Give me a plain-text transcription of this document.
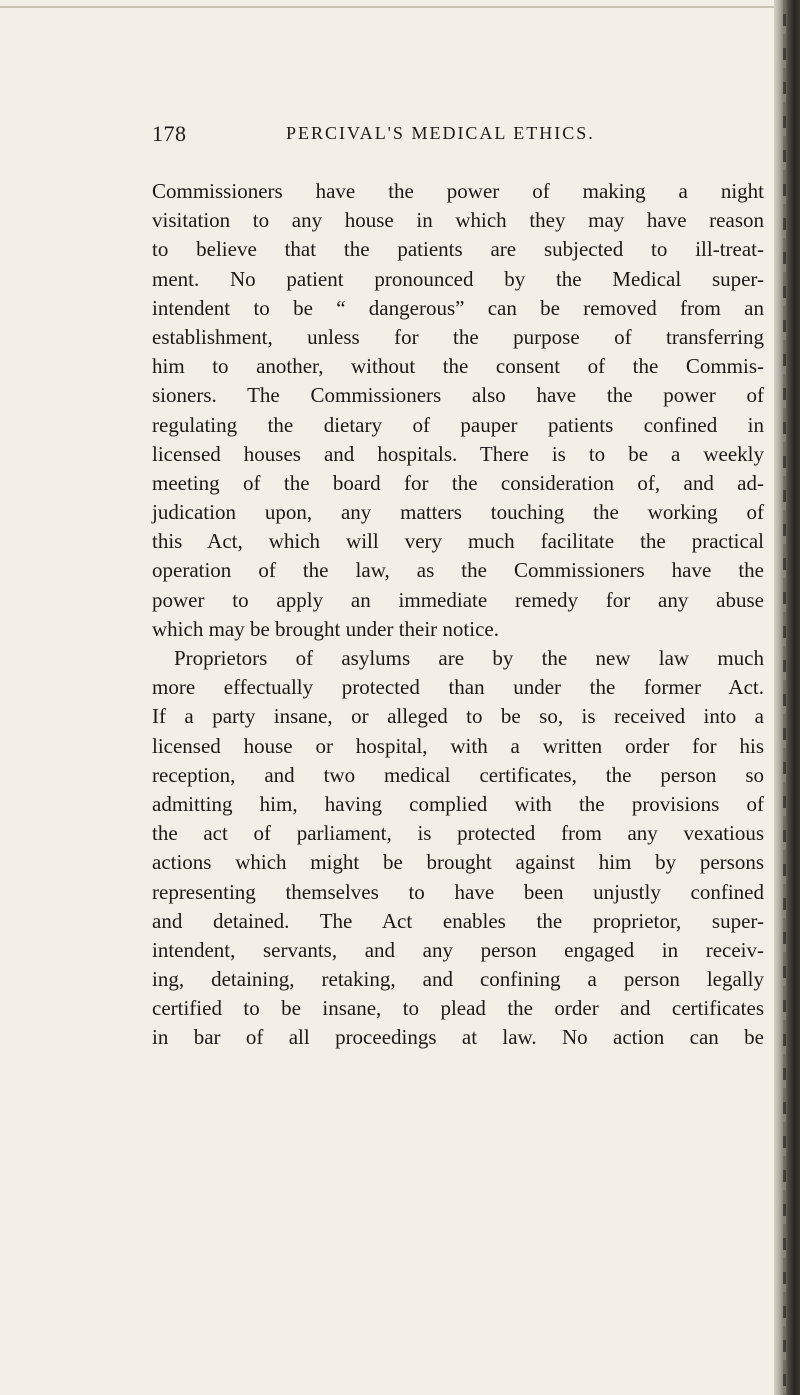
178	PERCIVAL'S MEDICAL ETHICS.
Commissioners have the power of making a night
visitation to any house in which they may have reason
to believe that the patients are subjected to ill-treat-
ment. No patient pronounced by the Medical super-
intendent to be “ dangerous” can be removed from an
establishment, unless for the purpose of transferring
him to another, without the consent of the Commis-
sioners. The Commissioners also have the power of
regulating the dietary of pauper patients confined in
licensed houses and hospitals. There is to be a weekly
meeting of the board for the consideration of, and ad-
judication upon, any matters touching the working of
this Act, which will very much facilitate the practical
operation of the law, as the Commissioners have the
power to apply an immediate remedy for any abuse
which may be brought under their notice.
Proprietors of asylums are by the new law much
more effectually protected than under the former Act.
If a party insane, or alleged to be so, is received into a
licensed house or hospital, with a written order for his
reception, and two medical certificates, the person so
admitting him, having complied with the provisions of
the act of parliament, is protected from any vexatious
actions which might be brought against him by persons
representing themselves to have been unjustly confined
and detained. The Act enables the proprietor, super-
intendent, servants, and any person engaged in receiv-
ing, detaining, retaking, and confining a person legally
certified to be insane, to plead the order and certificates
in bar of all proceedings at law. No action can be
